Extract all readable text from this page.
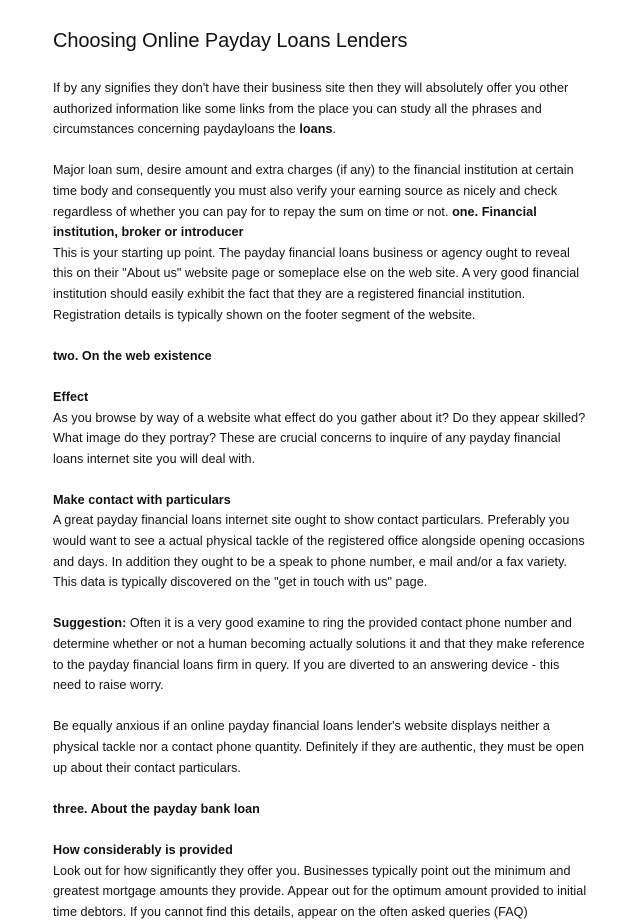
Choosing Online Payday Loans Lenders

If by any signifies they don't have their business site then they will absolutely offer you other authorized information like some links from the place you can study all the phrases and circumstances concerning paydayloans the loans.

Major loan sum, desire amount and extra charges (if any) to the financial institution at certain time body and consequently you must also verify your earning source as nicely and check regardless of whether you can pay for to repay the sum on time or not. one. Financial institution, broker or introducer

This is your starting up point. The payday financial loans business or agency ought to reveal this on their "About us" website page or someplace else on the web site. A very good financial institution should easily exhibit the fact that they are a registered financial institution. Registration details is typically shown on the footer segment of the website.

two. On the web existence

Effect

As you browse by way of a website what effect do you gather about it? Do they appear skilled? What image do they portray? These are crucial concerns to inquire of any payday financial loans internet site you will deal with.

Make contact with particulars

A great payday financial loans internet site ought to show contact particulars. Preferably you would want to see a actual physical tackle of the registered office alongside opening occasions and days. In addition they ought to be a speak to phone number, e mail and/or a fax variety. This data is typically discovered on the "get in touch with us" page.

Suggestion: Often it is a very good examine to ring the provided contact phone number and determine whether or not a human becoming actually solutions it and that they make reference to the payday financial loans firm in query. If you are diverted to an answering device - this need to raise worry.

Be equally anxious if an online payday financial loans lender's website displays neither a physical tackle nor a contact phone quantity. Definitely if they are authentic, they must be open up about their contact particulars.

three. About the payday bank loan

How considerably is provided

Look out for how significantly they offer you. Businesses typically point out the minimum and greatest mortgage amounts they provide. Appear out for the optimum amount provided to initial time debtors. If you cannot find this details, appear on the often asked queries (FAQ)
